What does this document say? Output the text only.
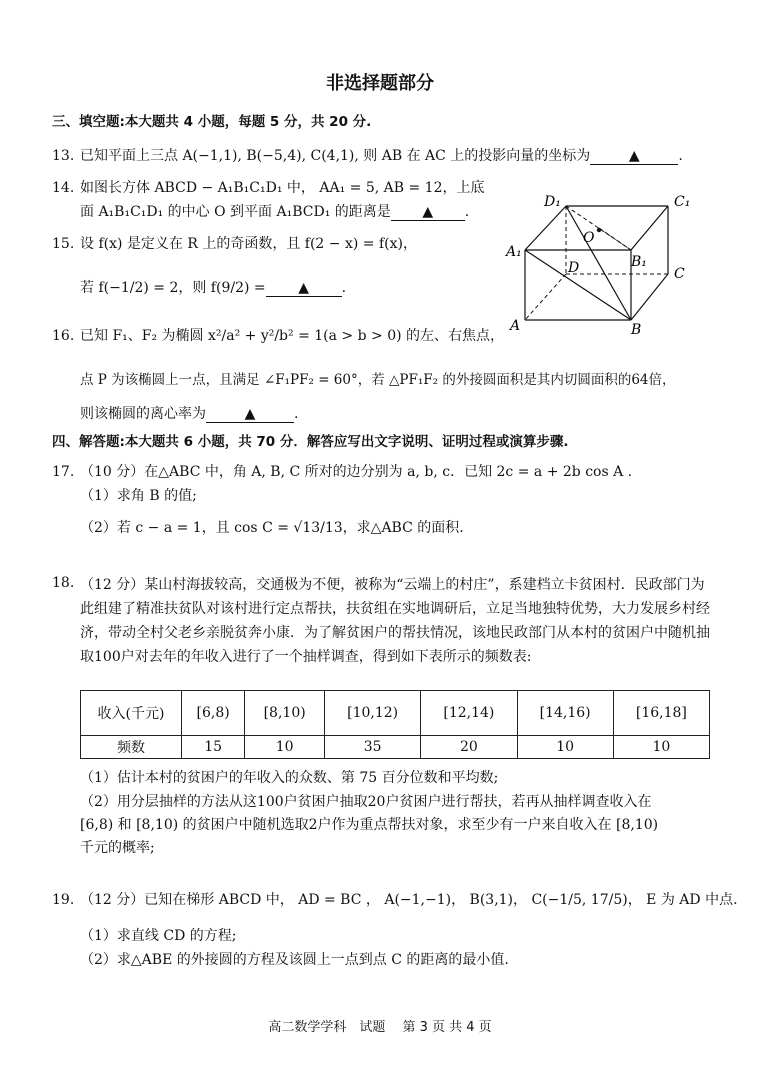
非选择题部分
三、填空题:本大题共 4 小题，每题 5 分，共 20 分.
13. 已知平面上三点 A(−1,1), B(−5,4), C(4,1), 则 AB 在 AC 上的投影向量的坐标为	▲	.
14. 如图长方体 ABCD − A₁B₁C₁D₁ 中， AA₁ = 5, AB = 12，上底
面 A₁B₁C₁D₁ 的中心 O 到平面 A₁BCD₁ 的距离是 ▲ .
15. 设 f(x) 是定义在 R 上的奇函数，且 f(2 − x) = f(x)，
若 f(−1/2) = 2，则 f(9/2) = ▲ .
16. 已知 F₁、F₂ 为椭圆 x²/a² + y²/b² = 1(a > b > 0) 的左、右焦点，
点 P 为该椭圆上一点，且满足 ∠F₁PF₂ = 60°，若 △PF₁F₂ 的外接圆面积是其内切圆面积的64倍，
则该椭圆的离心率为	▲	.
D₁	C₁
A₁
O
D	B₁
C
A	B
四、解答题:本大题共 6 小题，共 70 分．解答应写出文字说明、证明过程或演算步骤.
17. （10 分）在△ABC 中，角 A, B, C 所对的边分别为 a, b, c．已知 2c = a + 2b cos A .
（1）求角 B 的值;
（2）若 c − a = 1，且 cos C = √13/13，求△ABC 的面积.
18. （12 分）某山村海拔较高，交通极为不便，被称为“云端上的村庄”，系建档立卡贫困村．民政部门为此组建了精准扶贫队对该村进行定点帮扶，扶贫组在实地调研后，立足当地独特优势，大力发展乡村经济，带动全村父老乡亲脱贫奔小康．为了解贫困户的帮扶情况，该地民政部门从本村的贫困户中随机抽取100户对去年的年收入进行了一个抽样调查，得到如下表所示的频数表:
收入(千元)	[6,8)	[8,10)	[10,12)	[12,14)	[14,16)	[16,18]
频数	15	10	35	20	10	10
（1）估计本村的贫困户的年收入的众数、第 75 百分位数和平均数;
（2）用分层抽样的方法从这100户贫困户抽取20户贫困户进行帮扶，若再从抽样调查收入在
[6,8) 和 [8,10) 的贫困户中随机选取2户作为重点帮扶对象，求至少有一户来自收入在 [8,10)
千元的概率;
19. （12 分）已知在梯形 ABCD 中， AD = BC ， A(−1,−1)， B(3,1)， C(−1/5, 17/5)， E 为 AD 中点.
（1）求直线 CD 的方程;
（2）求△ABE 的外接圆的方程及该圆上一点到点 C 的距离的最小值.
高二数学学科　试题　 第 3 页 共 4 页
